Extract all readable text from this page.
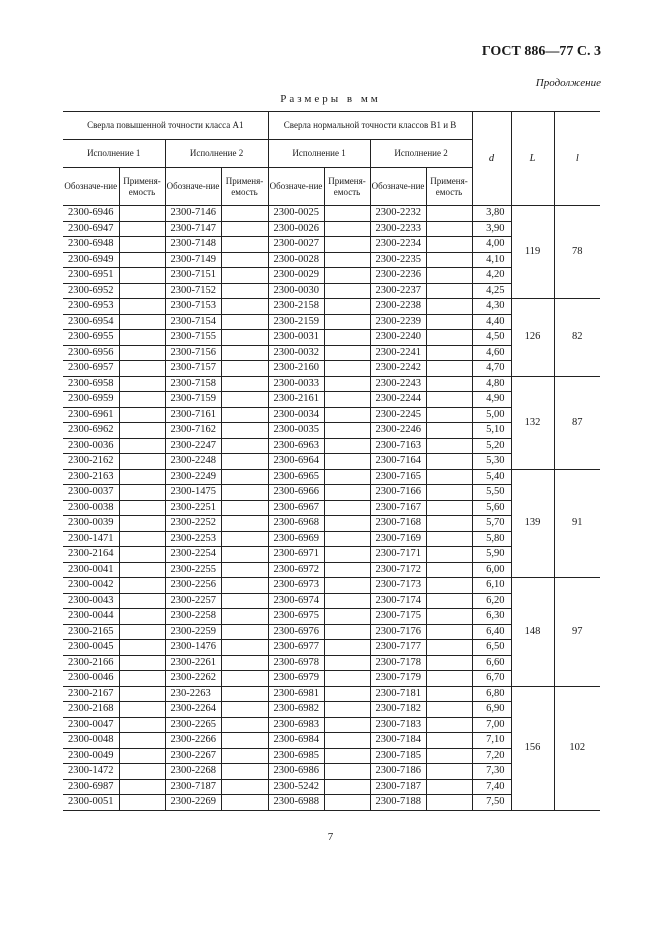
ГОСТ 886—77 С. 3
Продолжение
Размеры в мм
Сверла повышенной точности класса А1				Сверла нормальной точности классов В1 и В				d	L	l
Исполнение 1		Исполнение 2		Исполнение 1		Исполнение 2				
Обозначе-ние	Применя-емость	Обозначе-ние	Применя-емость	Обозначе-ние	Применя-емость	Обозначе-ние	Применя-емость			
2300-6946		2300-7146		2300-0025		2300-2232		3,80	119	78
2300-6947		2300-7147		2300-0026		2300-2233		3,90		
2300-6948		2300-7148		2300-0027		2300-2234		4,00		
2300-6949		2300-7149		2300-0028		2300-2235		4,10		
2300-6951		2300-7151		2300-0029		2300-2236		4,20		
2300-6952		2300-7152		2300-0030		2300-2237		4,25		
2300-6953		2300-7153		2300-2158		2300-2238		4,30	126	82
2300-6954		2300-7154		2300-2159		2300-2239		4,40		
2300-6955		2300-7155		2300-0031		2300-2240		4,50		
2300-6956		2300-7156		2300-0032		2300-2241		4,60		
2300-6957		2300-7157		2300-2160		2300-2242		4,70		
2300-6958		2300-7158		2300-0033		2300-2243		4,80	132	87
2300-6959		2300-7159		2300-2161		2300-2244		4,90		
2300-6961		2300-7161		2300-0034		2300-2245		5,00		
2300-6962		2300-7162		2300-0035		2300-2246		5,10		
2300-0036		2300-2247		2300-6963		2300-7163		5,20		
2300-2162		2300-2248		2300-6964		2300-7164		5,30		
2300-2163		2300-2249		2300-6965		2300-7165		5,40	139	91
2300-0037		2300-1475		2300-6966		2300-7166		5,50		
2300-0038		2300-2251		2300-6967		2300-7167		5,60		
2300-0039		2300-2252		2300-6968		2300-7168		5,70		
2300-1471		2300-2253		2300-6969		2300-7169		5,80		
2300-2164		2300-2254		2300-6971		2300-7171		5,90		
2300-0041		2300-2255		2300-6972		2300-7172		6,00		
2300-0042		2300-2256		2300-6973		2300-7173		6,10	148	97
2300-0043		2300-2257		2300-6974		2300-7174		6,20		
2300-0044		2300-2258		2300-6975		2300-7175		6,30		
2300-2165		2300-2259		2300-6976		2300-7176		6,40		
2300-0045		2300-1476		2300-6977		2300-7177		6,50		
2300-2166		2300-2261		2300-6978		2300-7178		6,60		
2300-0046		2300-2262		2300-6979		2300-7179		6,70		
2300-2167		230-2263		2300-6981		2300-7181		6,80	156	102
2300-2168		2300-2264		2300-6982		2300-7182		6,90		
2300-0047		2300-2265		2300-6983		2300-7183		7,00		
2300-0048		2300-2266		2300-6984		2300-7184		7,10		
2300-0049		2300-2267		2300-6985		2300-7185		7,20		
2300-1472		2300-2268		2300-6986		2300-7186		7,30		
2300-6987		2300-7187		2300-5242		2300-7187		7,40		
2300-0051		2300-2269		2300-6988		2300-7188		7,50		
7
